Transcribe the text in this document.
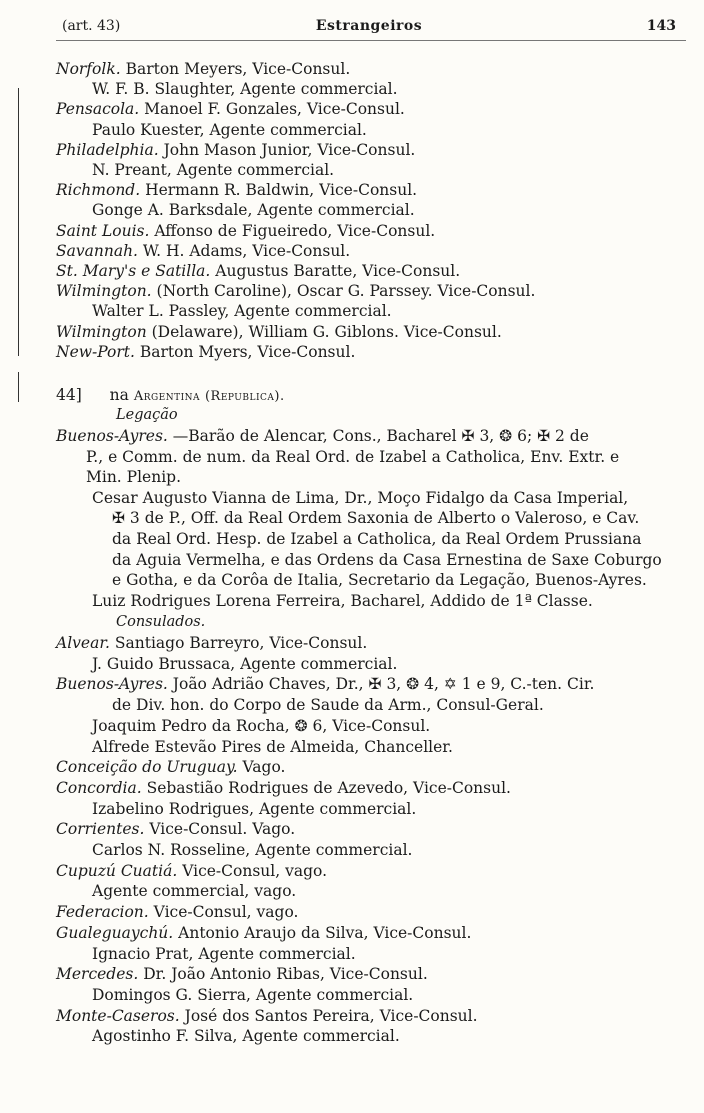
(art. 43)	Estrangeiros	143
Norfolk. Barton Meyers, Vice-Consul.
W. F. B. Slaughter, Agente commercial.
Pensacola. Manoel F. Gonzales, Vice-Consul.
Paulo Kuester, Agente commercial.
Philadelphia. John Mason Junior, Vice-Consul.
N. Preant, Agente commercial.
Richmond. Hermann R. Baldwin, Vice-Consul.
Gonge A. Barksdale, Agente commercial.
Saint Louis. Affonso de Figueiredo, Vice-Consul.
Savannah. W. H. Adams, Vice-Consul.
St. Mary's e Satilla. Augustus Baratte, Vice-Consul.
Wilmington. (North Caroline), Oscar G. Parssey. Vice-Consul.
Walter L. Passley, Agente commercial.
Wilmington (Delaware), William G. Giblons. Vice-Consul.
New-Port. Barton Myers, Vice-Consul.
44] na Argentina (Republica).
Legação
Buenos-Ayres. —Barão de Alencar, Cons., Bacharel ✠ 3, ❂ 6; ✠ 2 de
P., e Comm. de num. da Real Ord. de Izabel a Catholica, Env. Extr. e
Min. Plenip.
Cesar Augusto Vianna de Lima, Dr., Moço Fidalgo da Casa Imperial,
✠ 3 de P., Off. da Real Ordem Saxonia de Alberto o Valeroso, e Cav.
da Real Ord. Hesp. de Izabel a Catholica, da Real Ordem Prussiana
da Aguia Vermelha, e das Ordens da Casa Ernestina de Saxe Coburgo
e Gotha, e da Corôa de Italia, Secretario da Legação, Buenos-Ayres.
Luiz Rodrigues Lorena Ferreira, Bacharel, Addido de 1ª Classe.
Consulados.
Alvear. Santiago Barreyro, Vice-Consul.
J. Guido Brussaca, Agente commercial.
Buenos-Ayres. João Adrião Chaves, Dr., ✠ 3, ❂ 4, ✡ 1 e 9, C.-ten. Cir.
de Div. hon. do Corpo de Saude da Arm., Consul-Geral.
Joaquim Pedro da Rocha, ❂ 6, Vice-Consul.
Alfrede Estevão Pires de Almeida, Chanceller.
Conceição do Uruguay. Vago.
Concordia. Sebastião Rodrigues de Azevedo, Vice-Consul.
Izabelino Rodrigues, Agente commercial.
Corrientes. Vice-Consul. Vago.
Carlos N. Rosseline, Agente commercial.
Cupuzú Cuatiá. Vice-Consul, vago.
Agente commercial, vago.
Federacion. Vice-Consul, vago.
Gualeguaychú. Antonio Araujo da Silva, Vice-Consul.
Ignacio Prat, Agente commercial.
Mercedes. Dr. João Antonio Ribas, Vice-Consul.
Domingos G. Sierra, Agente commercial.
Monte-Caseros. José dos Santos Pereira, Vice-Consul.
Agostinho F. Silva, Agente commercial.
